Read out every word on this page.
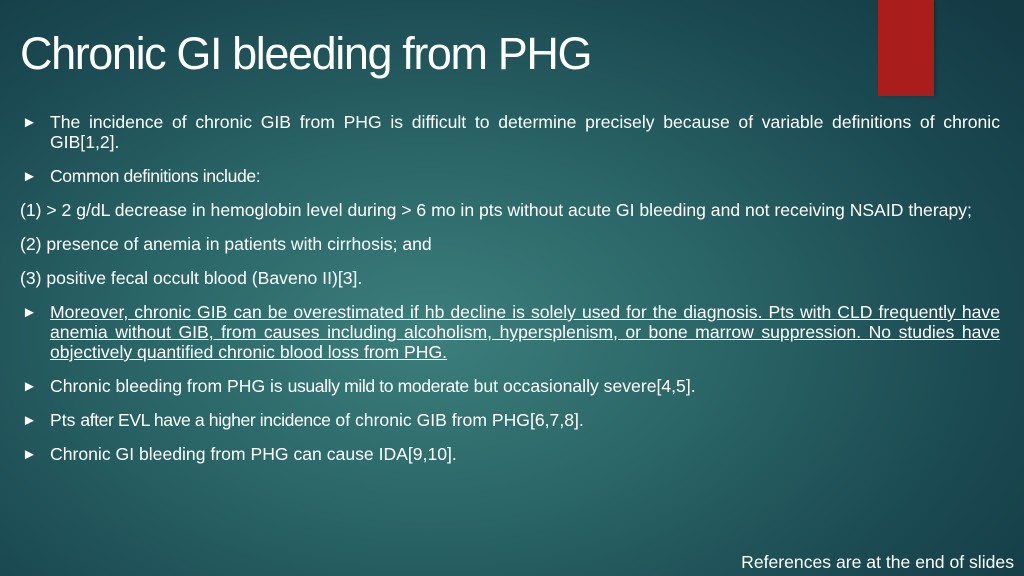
Chronic GI bleeding from PHG
► The incidence of chronic GIB from PHG is difficult to determine precisely because of variable definitions of chronic GIB[1,2].
► Common definitions include:
(1) > 2 g/dL decrease in hemoglobin level during > 6 mo in pts without acute GI bleeding and not receiving NSAID therapy;
(2) presence of anemia in patients with cirrhosis; and
(3) positive fecal occult blood (Baveno II)[3].
► Moreover, chronic GIB can be overestimated if hb decline is solely used for the diagnosis. Pts with CLD frequently have anemia without GIB, from causes including alcoholism, hypersplenism, or bone marrow suppression. No studies have objectively quantified chronic blood loss from PHG.
► Chronic bleeding from PHG is usually mild to moderate but occasionally severe[4,5].
► Pts after EVL have a higher incidence of chronic GIB from PHG[6,7,8].
► Chronic GI bleeding from PHG can cause IDA[9,10].
References are at the end of slides
